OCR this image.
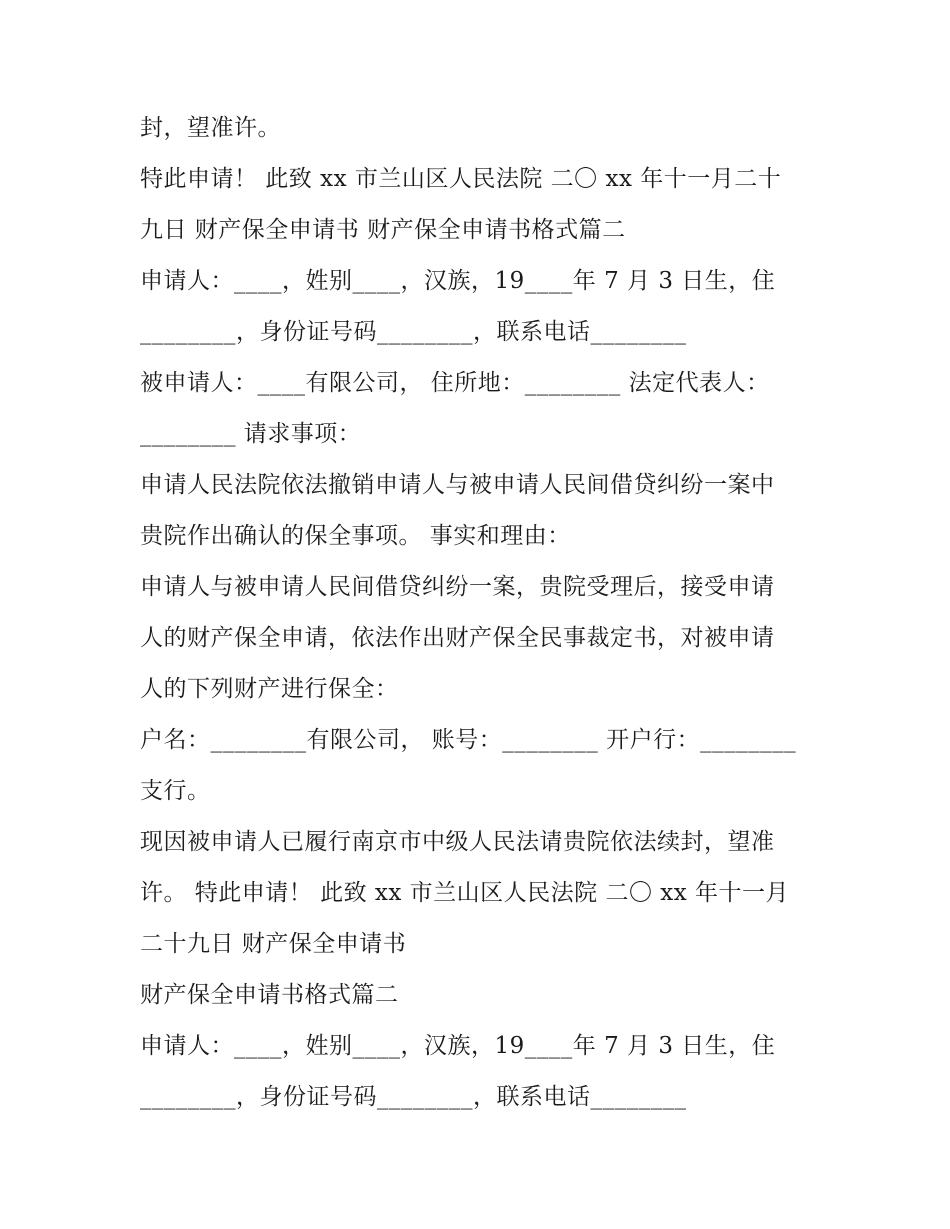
封，望准许。
特此申请！ 此致 xx 市兰山区人民法院 二〇 xx 年十一月二十
九日 财产保全申请书 财产保全申请书格式篇二
申请人：____，姓别____，汉族，19____年 7 月 3 日生，住
________，身份证号码________，联系电话________
被申请人：____有限公司， 住所地：________ 法定代表人：
________ 请求事项：
申请人民法院依法撤销申请人与被申请人民间借贷纠纷一案中
贵院作出确认的保全事项。 事实和理由：
申请人与被申请人民间借贷纠纷一案，贵院受理后，接受申请
人的财产保全申请，依法作出财产保全民事裁定书，对被申请
人的下列财产进行保全：
户名：________有限公司， 账号：________ 开户行：________
支行。
现因被申请人已履行南京市中级人民法请贵院依法续封，望准
许。 特此申请！ 此致 xx 市兰山区人民法院 二〇 xx 年十一月
二十九日 财产保全申请书
财产保全申请书格式篇二
申请人：____，姓别____，汉族，19____年 7 月 3 日生，住
________，身份证号码________，联系电话________
